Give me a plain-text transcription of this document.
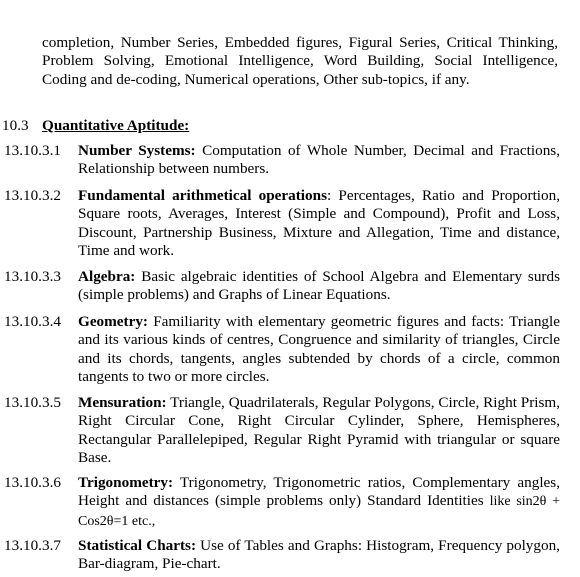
completion, Number Series, Embedded figures, Figural Series, Critical Thinking, Problem Solving, Emotional Intelligence, Word Building, Social Intelligence, Coding and de-coding, Numerical operations, Other sub-topics, if any.
10.3 Quantitative Aptitude:
13.10.3.1	Number Systems: Computation of Whole Number, Decimal and Fractions, Relationship between numbers.
13.10.3.2	Fundamental arithmetical operations: Percentages, Ratio and Proportion, Square roots, Averages, Interest (Simple and Compound), Profit and Loss, Discount, Partnership Business, Mixture and Allegation, Time and distance, Time and work.
13.10.3.3	Algebra: Basic algebraic identities of School Algebra and Elementary surds (simple problems) and Graphs of Linear Equations.
13.10.3.4	Geometry: Familiarity with elementary geometric figures and facts: Triangle and its various kinds of centres, Congruence and similarity of triangles, Circle and its chords, tangents, angles subtended by chords of a circle, common tangents to two or more circles.
13.10.3.5	Mensuration: Triangle, Quadrilaterals, Regular Polygons, Circle, Right Prism, Right Circular Cone, Right Circular Cylinder, Sphere, Hemispheres, Rectangular Parallelepiped, Regular Right Pyramid with triangular or square Base.
13.10.3.6	Trigonometry: Trigonometry, Trigonometric ratios, Complementary angles, Height and distances (simple problems only) Standard Identities like sin2θ + Cos2θ=1 etc.,
13.10.3.7	Statistical Charts: Use of Tables and Graphs: Histogram, Frequency polygon, Bar-diagram, Pie-chart.
